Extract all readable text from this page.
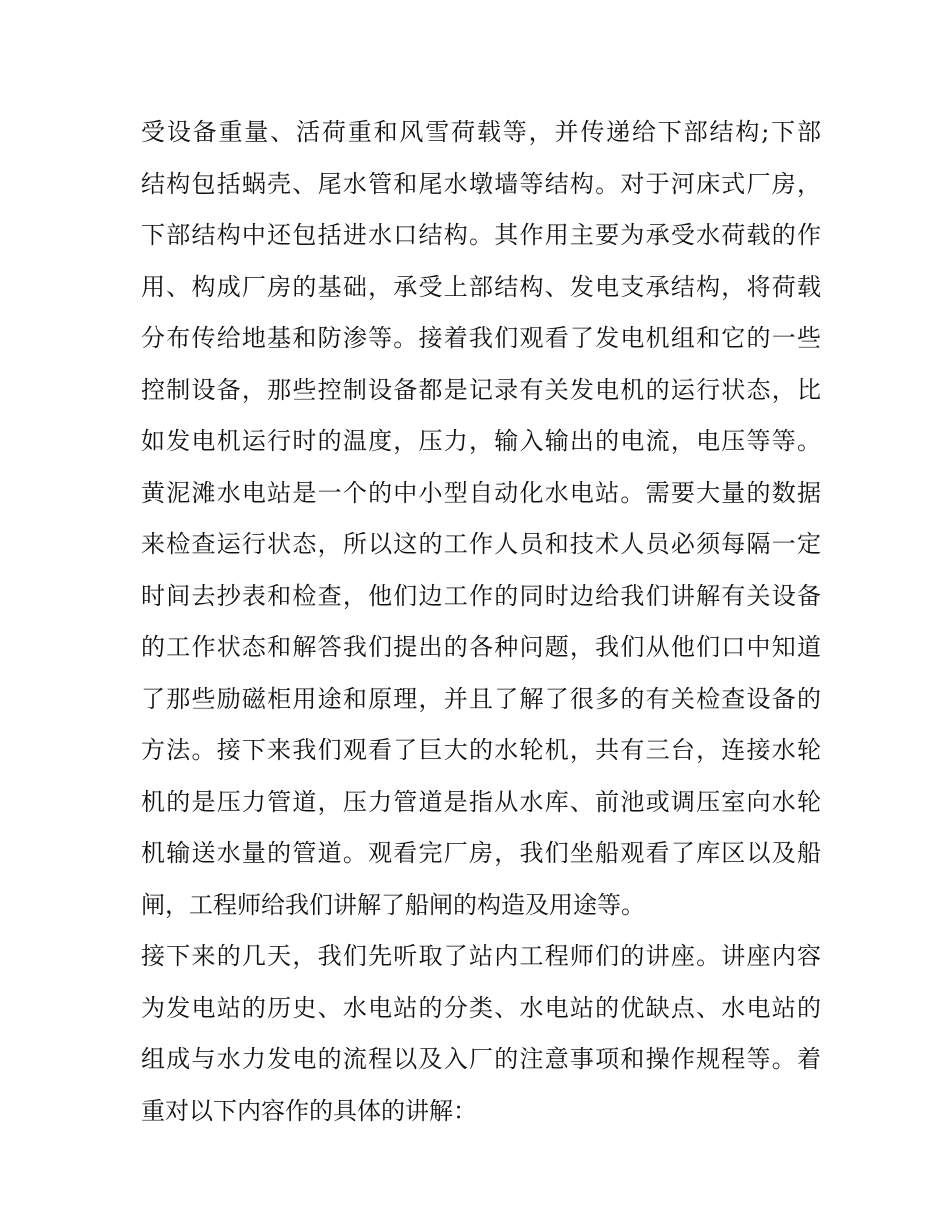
受设备重量、活荷重和风雪荷载等，并传递给下部结构;下部
结构包括蜗壳、尾水管和尾水墩墙等结构。对于河床式厂房，
下部结构中还包括进水口结构。其作用主要为承受水荷载的作
用、构成厂房的基础，承受上部结构、发电支承结构，将荷载
分布传给地基和防渗等。接着我们观看了发电机组和它的一些
控制设备，那些控制设备都是记录有关发电机的运行状态，比
如发电机运行时的温度，压力，输入输出的电流，电压等等。
黄泥滩水电站是一个的中小型自动化水电站。需要大量的数据
来检查运行状态，所以这的工作人员和技术人员必须每隔一定
时间去抄表和检查，他们边工作的同时边给我们讲解有关设备
的工作状态和解答我们提出的各种问题，我们从他们口中知道
了那些励磁柜用途和原理，并且了解了很多的有关检查设备的
方法。接下来我们观看了巨大的水轮机，共有三台，连接水轮
机的是压力管道，压力管道是指从水库、前池或调压室向水轮
机输送水量的管道。观看完厂房，我们坐船观看了库区以及船
闸，工程师给我们讲解了船闸的构造及用途等。
接下来的几天，我们先听取了站内工程师们的讲座。讲座内容
为发电站的历史、水电站的分类、水电站的优缺点、水电站的
组成与水力发电的流程以及入厂的注意事项和操作规程等。着
重对以下内容作的具体的讲解：
